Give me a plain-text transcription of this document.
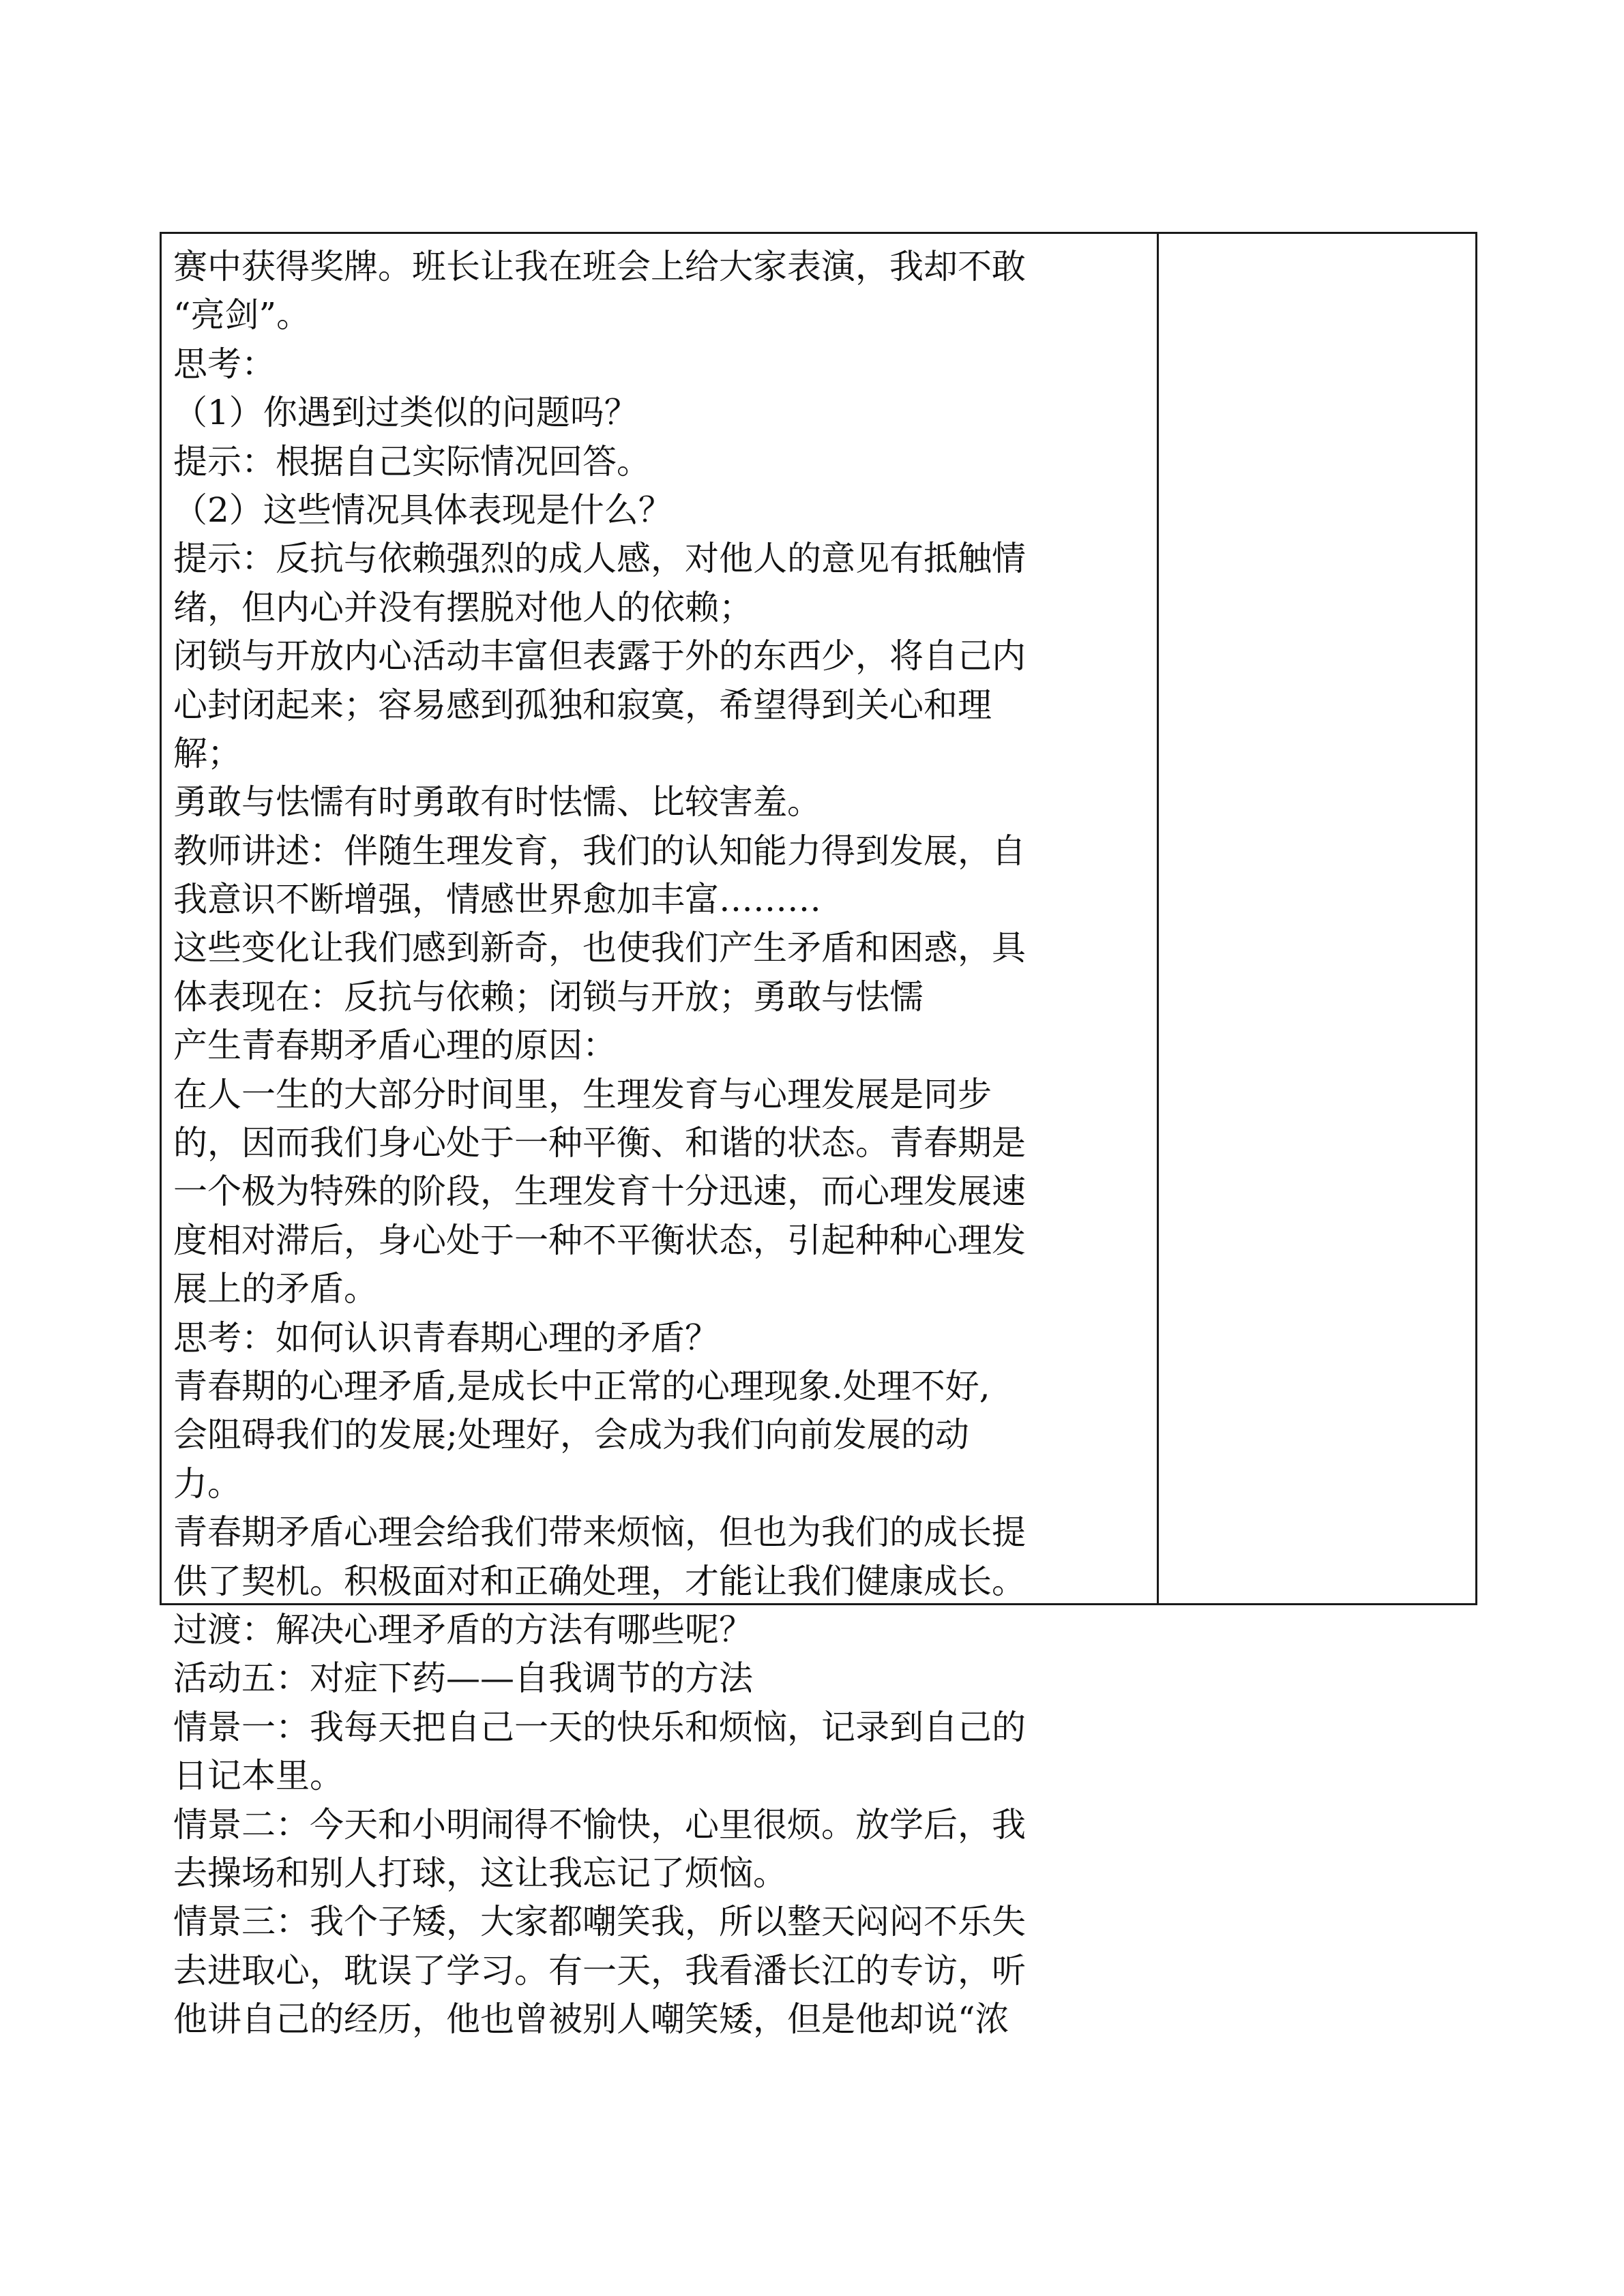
赛中获得奖牌。班长让我在班会上给大家表演，我却不敢
“亮剑”。
思考：
（1）你遇到过类似的问题吗？
提示：根据自己实际情况回答。
（2）这些情况具体表现是什么？
提示：反抗与依赖强烈的成人感，对他人的意见有抵触情
绪，但内心并没有摆脱对他人的依赖；
闭锁与开放内心活动丰富但表露于外的东西少，将自己内
心封闭起来；容易感到孤独和寂寞，希望得到关心和理
解；
勇敢与怯懦有时勇敢有时怯懦、比较害羞。
教师讲述：伴随生理发育，我们的认知能力得到发展，自
我意识不断增强，情感世界愈加丰富………
这些变化让我们感到新奇，也使我们产生矛盾和困惑，具
体表现在：反抗与依赖；闭锁与开放；勇敢与怯懦
产生青春期矛盾心理的原因：
在人一生的大部分时间里，生理发育与心理发展是同步
的，因而我们身心处于一种平衡、和谐的状态。青春期是
一个极为特殊的阶段，生理发育十分迅速，而心理发展速
度相对滞后，身心处于一种不平衡状态，引起种种心理发
展上的矛盾。
思考：如何认识青春期心理的矛盾？
青春期的心理矛盾,是成长中正常的心理现象.处理不好,
会阻碍我们的发展;处理好，会成为我们向前发展的动
力。
青春期矛盾心理会给我们带来烦恼，但也为我们的成长提
供了契机。积极面对和正确处理，才能让我们健康成长。
过渡：解决心理矛盾的方法有哪些呢？
活动五：对症下药——自我调节的方法
情景一：我每天把自己一天的快乐和烦恼，记录到自己的
日记本里。
情景二：今天和小明闹得不愉快，心里很烦。放学后，我
去操场和别人打球，这让我忘记了烦恼。
情景三：我个子矮，大家都嘲笑我，所以整天闷闷不乐失
去进取心，耽误了学习。有一天，我看潘长江的专访，听
他讲自己的经历，他也曾被别人嘲笑矮，但是他却说“浓
